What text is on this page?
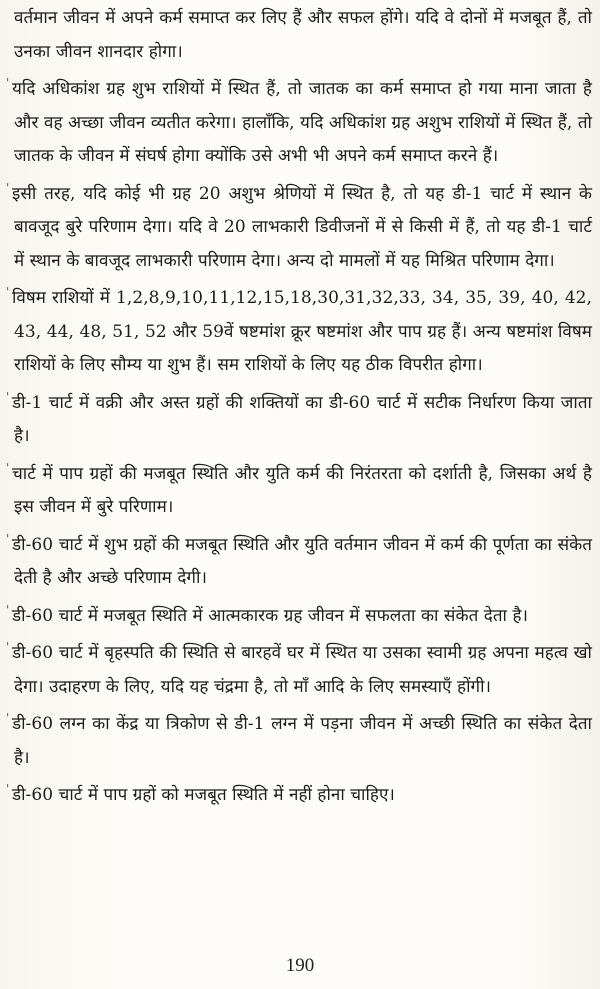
वर्तमान जीवन में अपने कर्म समाप्त कर लिए हैं और सफल होंगे। यदि वे दोनों में मजबूत हैं, तो उनका जीवन शानदार होगा।

' यदि अधिकांश ग्रह शुभ राशियों में स्थित हैं, तो जातक का कर्म समाप्त हो गया माना जाता है और वह अच्छा जीवन व्यतीत करेगा। हालाँकि, यदि अधिकांश ग्रह अशुभ राशियों में स्थित हैं, तो जातक के जीवन में संघर्ष होगा क्योंकि उसे अभी भी अपने कर्म समाप्त करने हैं।

' इसी तरह, यदि कोई भी ग्रह 20 अशुभ श्रेणियों में स्थित है, तो यह डी-1 चार्ट में स्थान के बावजूद बुरे परिणाम देगा। यदि वे 20 लाभकारी डिवीजनों में से किसी में हैं, तो यह डी-1 चार्ट में स्थान के बावजूद लाभकारी परिणाम देगा। अन्य दो मामलों में यह मिश्रित परिणाम देगा।

' विषम राशियों में 1,2,8,9,10,11,12,15,18,30,31,32,33, 34, 35, 39, 40, 42, 43, 44, 48, 51, 52 और 59वें षष्टमांश क्रूर षष्टमांश और पाप ग्रह हैं। अन्य षष्टमांश विषम राशियों के लिए सौम्य या शुभ हैं। सम राशियों के लिए यह ठीक विपरीत होगा।

' डी-1 चार्ट में वक्री और अस्त ग्रहों की शक्तियों का डी-60 चार्ट में सटीक निर्धारण किया जाता है।

' चार्ट में पाप ग्रहों की मजबूत स्थिति और युति कर्म की निरंतरता को दर्शाती है, जिसका अर्थ है इस जीवन में बुरे परिणाम।

' डी-60 चार्ट में शुभ ग्रहों की मजबूत स्थिति और युति वर्तमान जीवन में कर्म की पूर्णता का संकेत देती है और अच्छे परिणाम देगी।

' डी-60 चार्ट में मजबूत स्थिति में आत्मकारक ग्रह जीवन में सफलता का संकेत देता है।

' डी-60 चार्ट में बृहस्पति की स्थिति से बारहवें घर में स्थित या उसका स्वामी ग्रह अपना महत्व खो देगा। उदाहरण के लिए, यदि यह चंद्रमा है, तो माँ आदि के लिए समस्याएँ होंगी।

' डी-60 लग्न का केंद्र या त्रिकोण से डी-1 लग्न में पड़ना जीवन में अच्छी स्थिति का संकेत देता है।

' डी-60 चार्ट में पाप ग्रहों को मजबूत स्थिति में नहीं होना चाहिए।

190
